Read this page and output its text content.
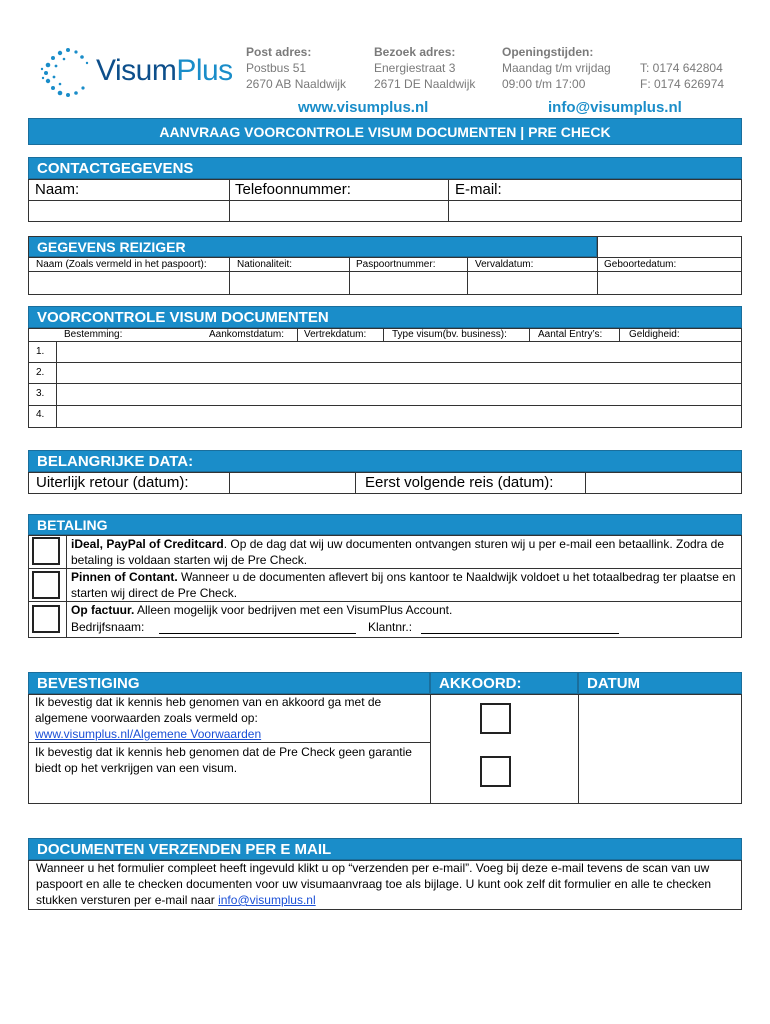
VisumPlus
Post adres:
Postbus 51
2670 AB Naaldwijk
Bezoek adres:
Energiestraat 3
2671 DE Naaldwijk
Openingstijden:
Maandag t/m vrijdag
09:00 t/m 17:00
T: 0174 642804
F: 0174 626974
www.visumplus.nl	info@visumplus.nl
AANVRAAG VOORCONTROLE VISUM DOCUMENTEN | PRE CHECK
CONTACTGEGEVENS
Naam:	Telefoonnummer:	E-mail:
GEGEVENS REIZIGER
Naam (Zoals vermeld in het paspoort):	Nationaliteit:	Paspoortnummer:	Vervaldatum:	Geboortedatum:
VOORCONTROLE VISUM DOCUMENTEN
Bestemming:	Aankomstdatum: Vertrekdatum:	Type visum(bv. business):	Aantal Entry’s:	Geldigheid:
1.
2.
3.
4.
BELANGRIJKE DATA:
Uiterlijk retour (datum):	Eerst volgende reis (datum):
BETALING
iDeal, PayPal of Creditcard. Op de dag dat wij uw documenten ontvangen sturen wij u per e-mail een betaallink. Zodra de betaling is voldaan starten wij de Pre Check.
Pinnen of Contant. Wanneer u de documenten aflevert bij ons kantoor te Naaldwijk voldoet u het totaalbedrag ter plaatse en starten wij direct de Pre Check.
Op factuur. Alleen mogelijk voor bedrijven met een VisumPlus Account.
Bedrijfsnaam:	Klantnr.:
BEVESTIGING	AKKOORD:	DATUM
Ik bevestig dat ik kennis heb genomen van en akkoord ga met de algemene voorwaarden zoals vermeld op:
www.visumplus.nl/Algemene Voorwaarden
Ik bevestig dat ik kennis heb genomen dat de Pre Check geen garantie biedt op het verkrijgen van een visum.
DOCUMENTEN VERZENDEN PER E MAIL
Wanneer u het formulier compleet heeft ingevuld klikt u op “verzenden per e-mail”. Voeg bij deze e-mail tevens de scan van uw paspoort en alle te checken documenten voor uw visumaanvraag toe als bijlage. U kunt ook zelf dit formulier en alle te checken stukken versturen per e-mail naar info@visumplus.nl
